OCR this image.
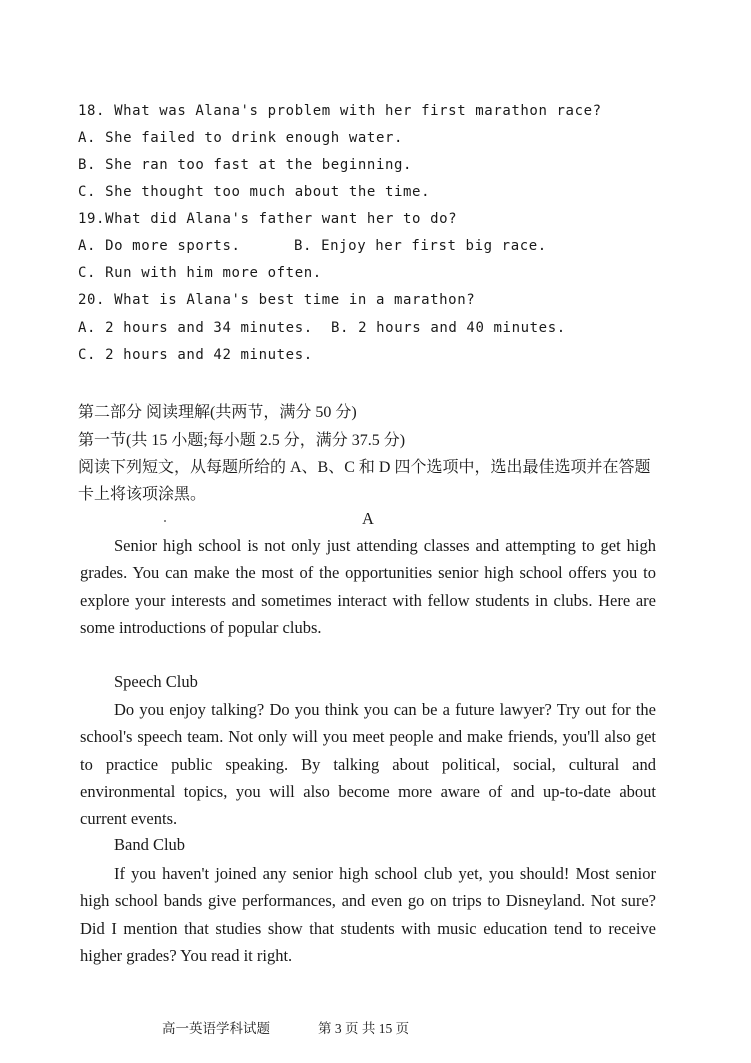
18. What was Alana's problem with her first marathon race?
A. She failed to drink enough water.
B. She ran too fast at the beginning.
C. She thought too much about the time.
19.What did Alana's father want her to do?
A. Do more sports.	B. Enjoy her first big race.
C. Run with him more often.
20. What is Alana's best time in a marathon?
A. 2 hours and 34 minutes. B. 2 hours and 40 minutes.
C. 2 hours and 42 minutes.
第二部分 阅读理解(共两节，满分 50 分)
第一节(共 15 小题;每小题 2.5 分，满分 37.5 分)
阅读下列短文，从每题所给的 A、B、C 和 D 四个选项中，选出最佳选项并在答题卡上将该项涂黑。
A
Senior high school is not only just attending classes and attempting to get high grades. You can make the most of the opportunities senior high school offers you to explore your interests and sometimes interact with fellow students in clubs. Here are some introductions of popular clubs.
Speech Club
Do you enjoy talking? Do you think you can be a future lawyer? Try out for the school's speech team. Not only will you meet people and make friends, you'll also get to practice public speaking. By talking about political, social, cultural and environmental topics, you will also become more aware of and up-to-date about current events.
Band Club
If you haven't joined any senior high school club yet, you should! Most senior high school bands give performances, and even go on trips to Disneyland. Not sure? Did I mention that studies show that students with music education tend to receive higher grades? You read it right.
高一英语学科试题	第 3 页 共 15 页
